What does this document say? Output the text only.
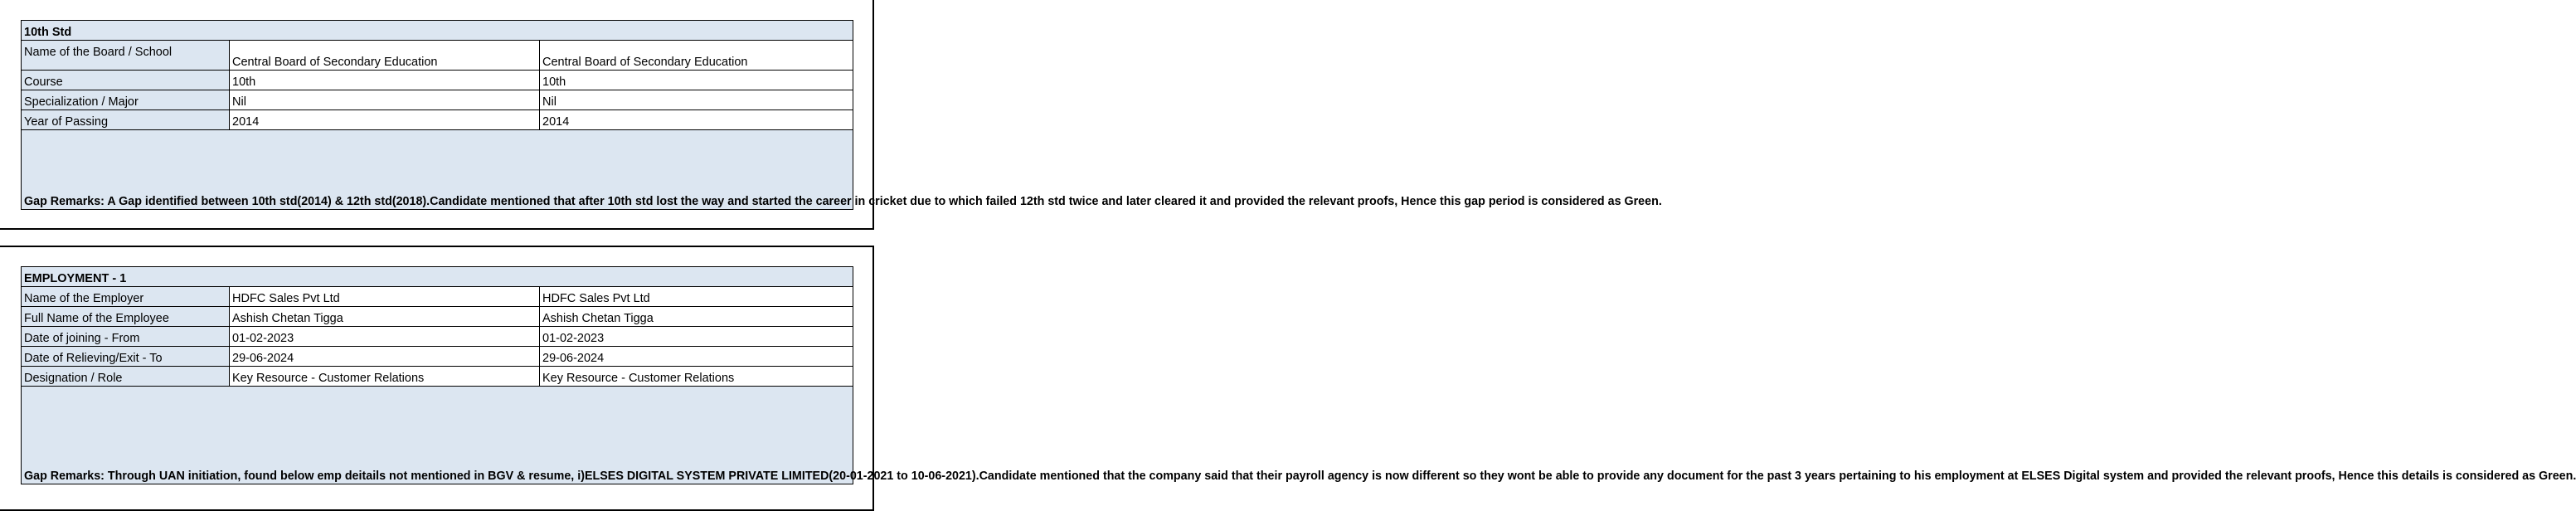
10th Std		
Name of the Board / School	Central Board of Secondary Education	Central Board of Secondary Education
Course	10th	10th
Specialization / Major	Nil	Nil
Year of Passing	2014	2014
Gap Remarks: A Gap identified between 10th std(2014) & 12th std(2018).Candidate mentioned that after 10th std lost the way and started the career in cricket due to which failed 12th std twice and later cleared it and provided the relevant proofs, Hence this gap period is considered as Green.		
EMPLOYMENT - 1		
Name of the Employer	HDFC Sales Pvt Ltd	HDFC Sales Pvt Ltd
Full Name of the Employee	Ashish Chetan Tigga	Ashish Chetan Tigga
Date of joining - From	01-02-2023	01-02-2023
Date of Relieving/Exit - To	29-06-2024	29-06-2024
Designation / Role	Key Resource - Customer Relations	Key Resource - Customer Relations
Gap Remarks: Through UAN initiation, found below emp deitails not mentioned in BGV & resume, i)ELSES DIGITAL SYSTEM PRIVATE LIMITED(20-01-2021 to 10-06-2021).Candidate mentioned that the company said that their payroll agency is now different so they wont be able to provide any document for the past 3 years pertaining to his employment at ELSES Digital system and provided the relevant proofs, Hence this details is considered as Green.		
